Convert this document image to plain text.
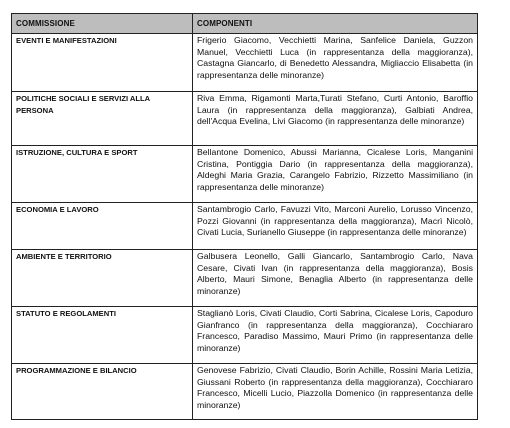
COMMISSIONE	COMPONENTI
EVENTI E MANIFESTAZIONI	Frigerio Giacomo, Vecchietti Marina, Sanfelice Daniela, Guzzon Manuel, Vecchietti Luca (in rappresentanza della maggioranza), Castagna Giancarlo, di Benedetto Alessandra, Migliaccio Elisabetta (in rappresentanza delle minoranze)
POLITICHE SOCIALI E SERVIZI ALLA PERSONA	Riva Emma, Rigamonti Marta,Turati Stefano, Curti Antonio, Baroffio Laura (in rappresentanza della maggioranza), Galbiati Andrea, dell'Acqua Evelina, Livi Giacomo (in rappresentanza delle minoranze)
ISTRUZIONE, CULTURA E SPORT	Bellantone Domenico, Abussi Marianna, Cicalese Loris, Manganini Cristina, Pontiggia Dario (in rappresentanza della maggioranza), Aldeghi Maria Grazia, Carangelo Fabrizio, Rizzetto Massimiliano (in rappresentanza delle minoranze)
ECONOMIA E LAVORO	Santambrogio Carlo, Favuzzi Vito, Marconi Aurelio, Lorusso Vincenzo, Pozzi Giovanni (in rappresentanza della maggioranza), Macrì Nicolò, Civati Lucia, Surianello Giuseppe (in rappresentanza delle minoranze)
AMBIENTE E TERRITORIO	Galbusera Leonello, Galli Giancarlo, Santambrogio Carlo, Nava Cesare, Civati Ivan (in rappresentanza della maggioranza), Bosis Alberto, Mauri Simone, Benaglia Alberto (in rappresentanza delle minoranze)
STATUTO E REGOLAMENTI	Staglianò Loris, Civati Claudio, Corti Sabrina, Cicalese Loris, Capoduro Gianfranco (in rappresentanza della maggioranza), Cocchiararo Francesco, Paradiso Massimo, Mauri Primo (in rappresentanza delle minoranze)
PROGRAMMAZIONE E BILANCIO	Genovese Fabrizio, Civati Claudio, Borin Achille, Rossini Maria Letizia, Giussani Roberto (in rappresentanza della maggioranza), Cocchiararo Francesco, Micelli Lucio, Piazzolla Domenico (in rappresentanza delle minoranze)
